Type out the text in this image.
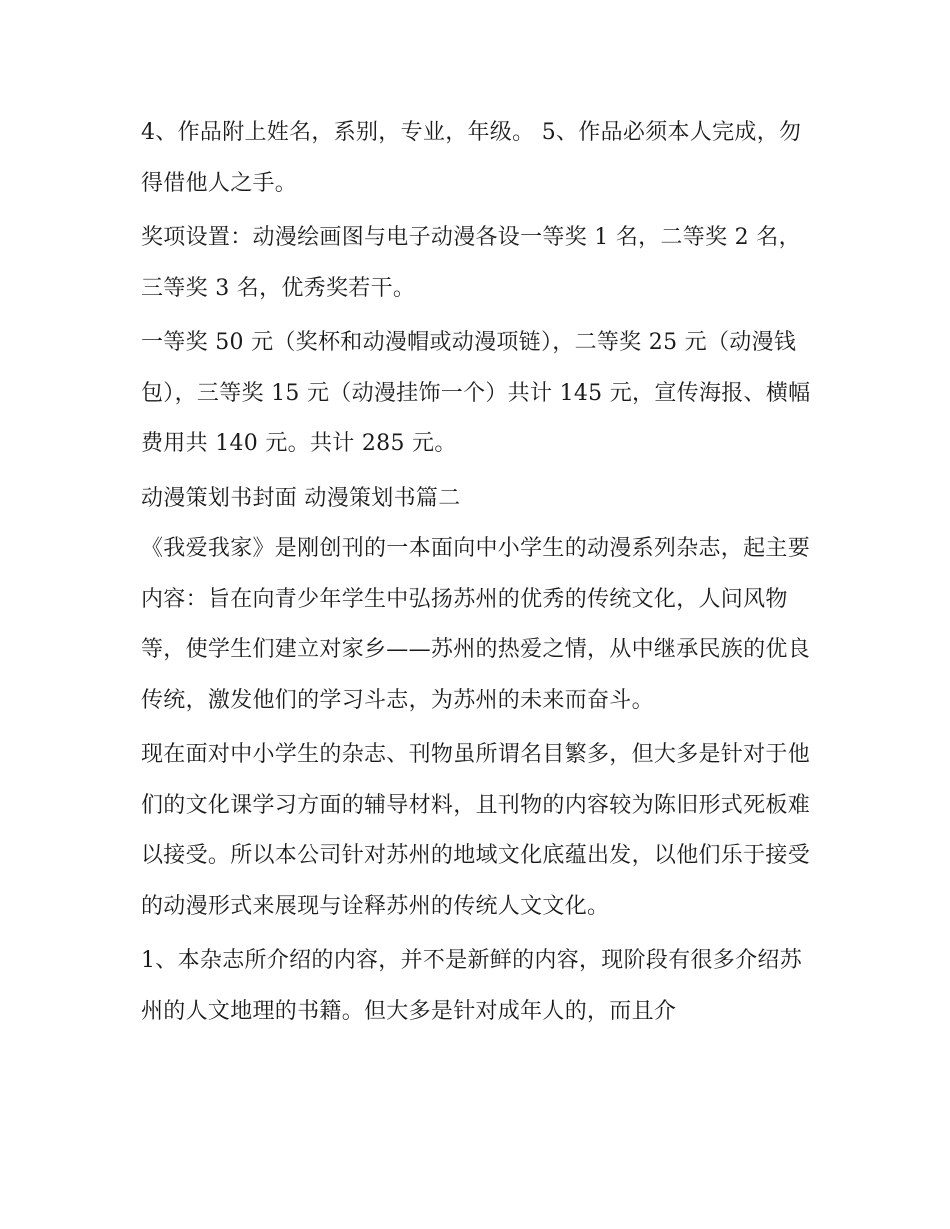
4、作品附上姓名，系别，专业，年级。 5、作品必须本人完成，勿得借他人之手。

奖项设置：动漫绘画图与电子动漫各设一等奖 1 名，二等奖 2 名，三等奖 3 名，优秀奖若干。

一等奖 50 元（奖杯和动漫帽或动漫项链），二等奖 25 元（动漫钱包），三等奖 15 元（动漫挂饰一个）共计 145 元，宣传海报、横幅费用共 140 元。共计 285 元。

动漫策划书封面 动漫策划书篇二

《我爱我家》是刚创刊的一本面向中小学生的动漫系列杂志，起主要内容：旨在向青少年学生中弘扬苏州的优秀的传统文化，人问风物等，使学生们建立对家乡——苏州的热爱之情，从中继承民族的优良传统，激发他们的学习斗志，为苏州的未来而奋斗。

现在面对中小学生的杂志、刊物虽所谓名目繁多，但大多是针对于他们的文化课学习方面的辅导材料，且刊物的内容较为陈旧形式死板难以接受。所以本公司针对苏州的地域文化底蕴出发，以他们乐于接受的动漫形式来展现与诠释苏州的传统人文文化。

1、本杂志所介绍的内容，并不是新鲜的内容，现阶段有很多介绍苏州的人文地理的书籍。但大多是针对成年人的，而且介
